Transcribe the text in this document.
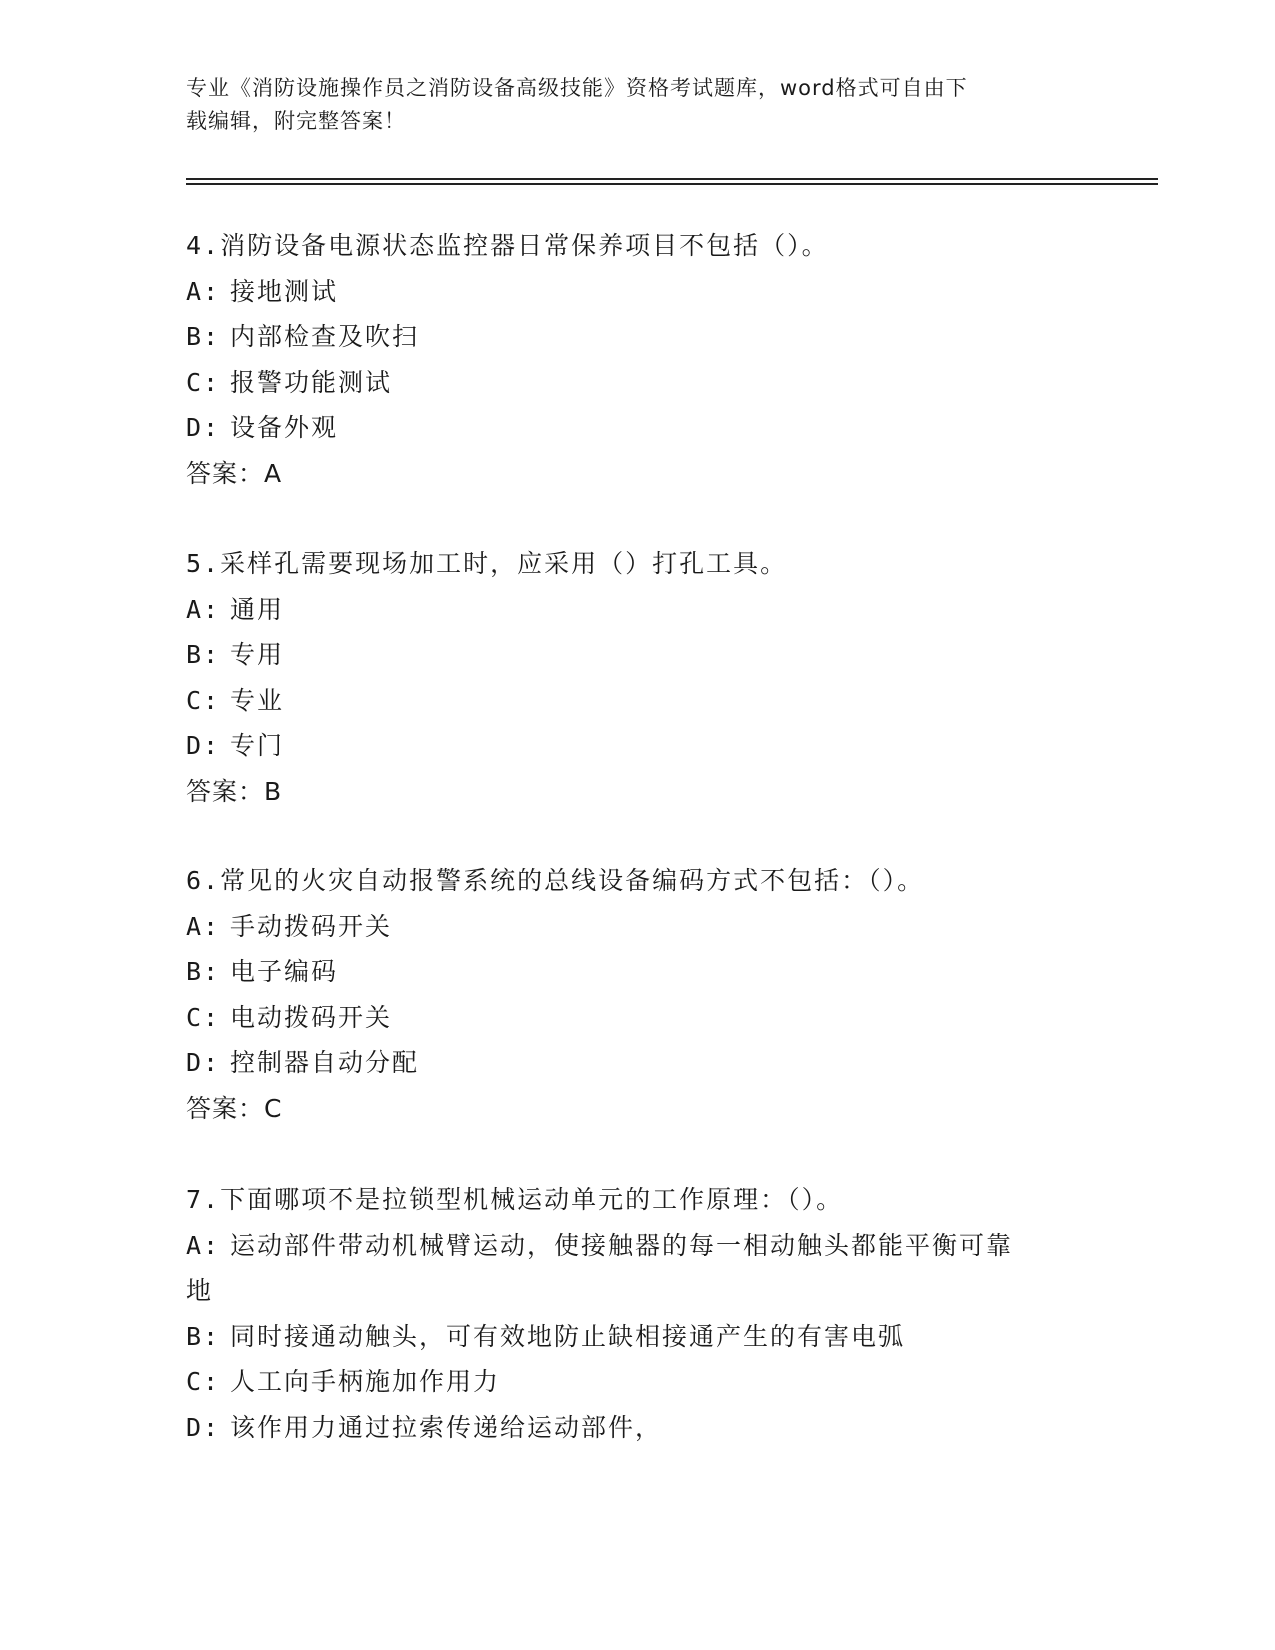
专业《消防设施操作员之消防设备高级技能》资格考试题库，word格式可自由下
载编辑，附完整答案！
4.消防设备电源状态监控器日常保养项目不包括（）。
A: 接地测试
B: 内部检查及吹扫
C: 报警功能测试
D: 设备外观
答案：A
5.采样孔需要现场加工时，应采用（）打孔工具。
A: 通用
B: 专用
C: 专业
D: 专门
答案：B
6.常见的火灾自动报警系统的总线设备编码方式不包括：（）。
A: 手动拨码开关
B: 电子编码
C: 电动拨码开关
D: 控制器自动分配
答案：C
7.下面哪项不是拉锁型机械运动单元的工作原理：（）。
A: 运动部件带动机械臂运动，使接触器的每一相动触头都能平衡可靠
地
B: 同时接通动触头，可有效地防止缺相接通产生的有害电弧
C: 人工向手柄施加作用力
D: 该作用力通过拉索传递给运动部件，
